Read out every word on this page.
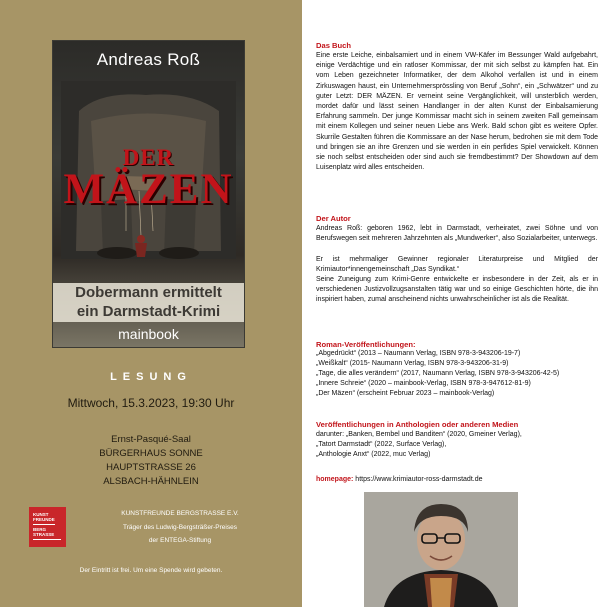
Andreas Roß
DER
MÄZEN
Dobermann ermittelt
ein Darmstadt-Krimi
mainbook
LESUNG
Mittwoch, 15.3.2023, 19:30 Uhr
Ernst-Pasqué-Saal
BÜRGERHAUS SONNE
HAUPTSTRASSE 26
ALSBACH-HÄHNLEIN
KUNST
FREUNDE
BERG
STRASSE
KUNSTFREUNDE BERGSTRASSE E.V.
Träger des Ludwig-Bergsträßer-Preises
der ENTEGA-Stiftung
Der Eintritt ist frei. Um eine Spende wird gebeten.
Das Buch
Eine erste Leiche, einbalsamiert und in einem VW-Käfer im Bessunger Wald aufgebahrt, einige Verdächtige und ein ratloser Kommissar, der mit sich selbst zu kämpfen hat. Ein vom Leben gezeichneter Informatiker, der dem Alkohol verfallen ist und in einem Zirkuswagen haust, ein Unternehmersprössling von Beruf „Sohn“, ein „Schwätzer“ und zu guter Letzt: DER MÄZEN. Er verneint seine Vergänglichkeit, will unsterblich werden, mordet dafür und lässt seinen Handlanger in der alten Kunst der Einbalsamierung Erfahrung sammeln. Der junge Kommissar macht sich in seinem zweiten Fall gemeinsam mit einem Kollegen und seiner neuen Liebe ans Werk. Bald schon gibt es weitere Opfer. Skurrile Gestalten führen die Kommissare an der Nase herum, bedrohen sie mit dem Tode und bringen sie an ihre Grenzen und sie werden in ein perfides Spiel verwickelt. Können sie noch selbst entscheiden oder sind auch sie fremdbestimmt? Der Showdown auf dem Luisenplatz wird alles entscheiden.
Der Autor
Andreas Roß: geboren 1962, lebt in Darmstadt, verheiratet, zwei Söhne und von Berufswegen seit mehreren Jahrzehnten als „Mundwerker“, also Sozialarbeiter, unterwegs.
Er ist mehrmaliger Gewinner regionaler Literaturpreise und Mitglied der Krimiautor*innengemeinschaft „Das Syndikat.“
Seine Zuneigung zum Krimi-Genre entwickelte er insbesondere in der Zeit, als er in verschiedenen Justizvollzugsanstalten tätig war und so einige Geschichten hörte, die ihn inspiriert haben, zumal anscheinend nichts unwahrscheinlicher ist als die Realität.
Roman-Veröffentlichungen:
„Abgedrückt“ (2013 – Naumann Verlag, ISBN 978-3-943206-19-7)
„Weißkalt“ (2015- Naumann Verlag, ISBN 978-3-943206-31-9)
„Tage, die alles verändern“ (2017, Naumann Verlag, ISBN 978-3-943206-42-5)
„Innere Schreie“ (2020 – mainbook-Verlag, ISBN 978-3-947612-81-9)
„Der Mäzen“ (erscheint Februar 2023 – mainbook-Verlag)
Veröffentlichungen in Anthologien oder anderen Medien
darunter: „Banken, Bembel und Banditen“ (2020, Gmeiner Verlag),
„Tatort Darmstadt“ (2022, Surface Verlag),
„Anthologie Anxt“ (2022, muc Verlag)
homepage: https://www.krimiautor-ross-darmstadt.de
